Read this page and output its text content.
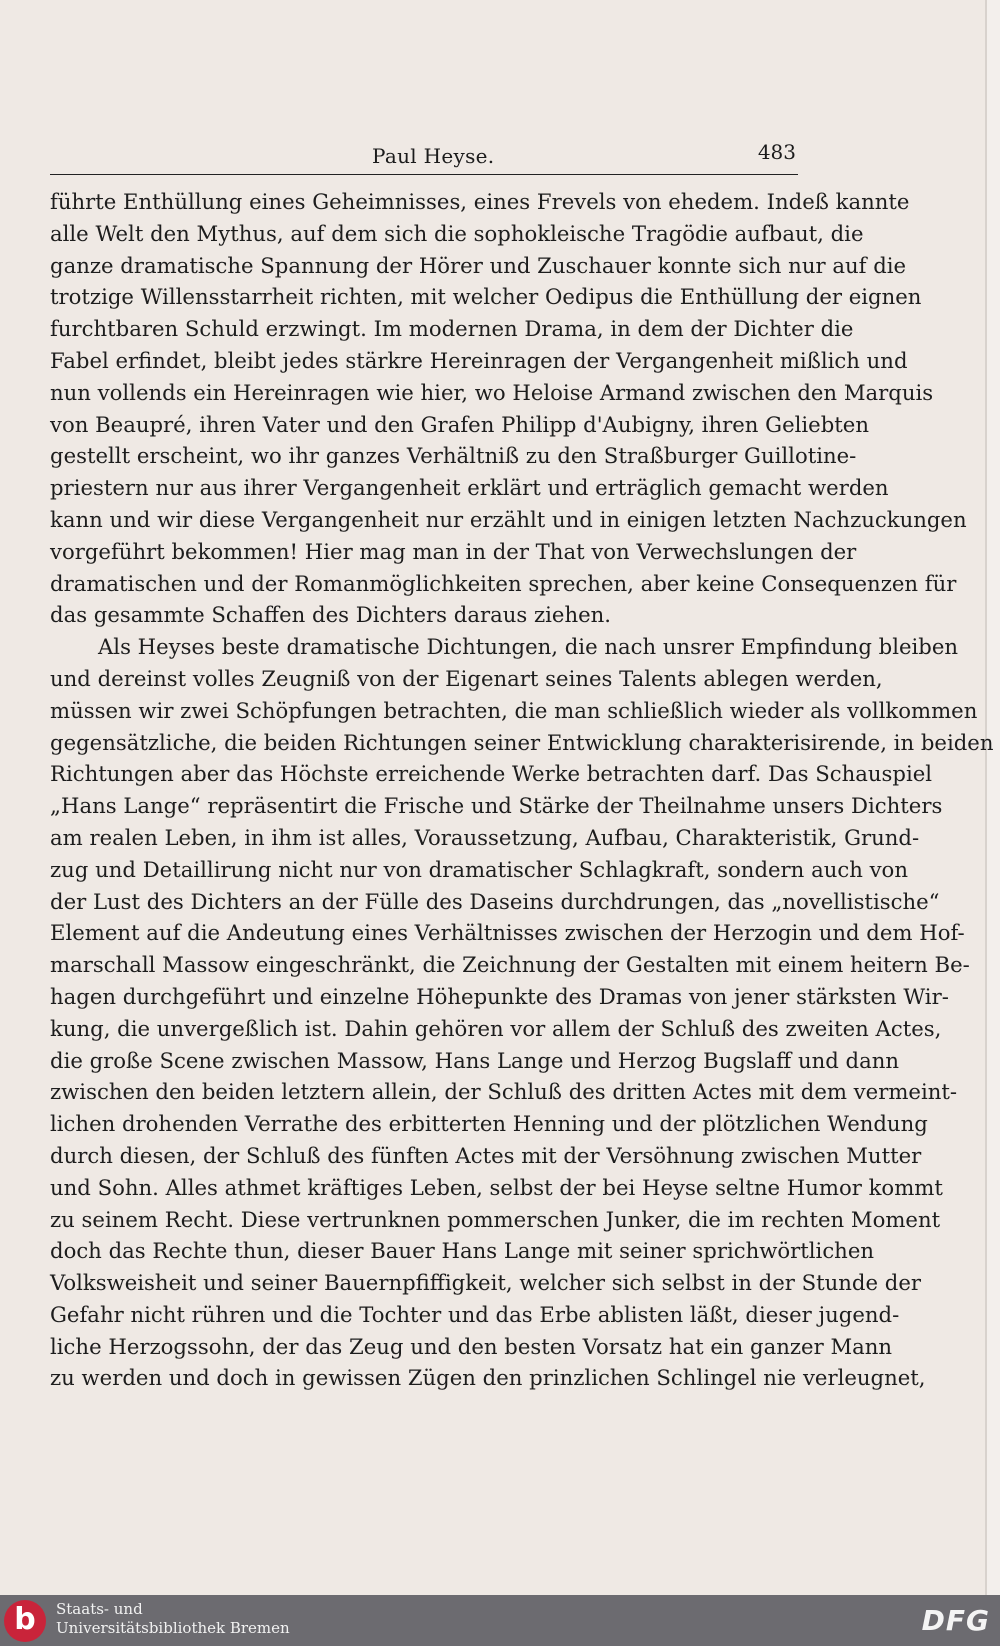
Paul Heyse.	483
führte Enthüllung eines Geheimnisses, eines Frevels von ehedem. Indeß kannte
alle Welt den Mythus, auf dem sich die sophokleische Tragödie aufbaut, die
ganze dramatische Spannung der Hörer und Zuschauer konnte sich nur auf die
trotzige Willensstarrheit richten, mit welcher Oedipus die Enthüllung der eignen
furchtbaren Schuld erzwingt. Im modernen Drama, in dem der Dichter die
Fabel erfindet, bleibt jedes stärkre Hereinragen der Vergangenheit mißlich und
nun vollends ein Hereinragen wie hier, wo Heloise Armand zwischen den Marquis
von Beaupré, ihren Vater und den Grafen Philipp d'Aubigny, ihren Geliebten
gestellt erscheint, wo ihr ganzes Verhältniß zu den Straßburger Guillotine-
priestern nur aus ihrer Vergangenheit erklärt und erträglich gemacht werden
kann und wir diese Vergangenheit nur erzählt und in einigen letzten Nachzuckungen
vorgeführt bekommen! Hier mag man in der That von Verwechslungen der
dramatischen und der Romanmöglichkeiten sprechen, aber keine Consequenzen für
das gesammte Schaffen des Dichters daraus ziehen.
Als Heyses beste dramatische Dichtungen, die nach unsrer Empfindung bleiben
und dereinst volles Zeugniß von der Eigenart seines Talents ablegen werden,
müssen wir zwei Schöpfungen betrachten, die man schließlich wieder als vollkommen
gegensätzliche, die beiden Richtungen seiner Entwicklung charakterisirende, in beiden
Richtungen aber das Höchste erreichende Werke betrachten darf. Das Schauspiel
„Hans Lange“ repräsentirt die Frische und Stärke der Theilnahme unsers Dichters
am realen Leben, in ihm ist alles, Voraussetzung, Aufbau, Charakteristik, Grund-
zug und Detaillirung nicht nur von dramatischer Schlagkraft, sondern auch von
der Lust des Dichters an der Fülle des Daseins durchdrungen, das „novellistische“
Element auf die Andeutung eines Verhältnisses zwischen der Herzogin und dem Hof-
marschall Massow eingeschränkt, die Zeichnung der Gestalten mit einem heitern Be-
hagen durchgeführt und einzelne Höhepunkte des Dramas von jener stärksten Wir-
kung, die unvergeßlich ist. Dahin gehören vor allem der Schluß des zweiten Actes,
die große Scene zwischen Massow, Hans Lange und Herzog Bugslaff und dann
zwischen den beiden letztern allein, der Schluß des dritten Actes mit dem vermeint-
lichen drohenden Verrathe des erbitterten Henning und der plötzlichen Wendung
durch diesen, der Schluß des fünften Actes mit der Versöhnung zwischen Mutter
und Sohn. Alles athmet kräftiges Leben, selbst der bei Heyse seltne Humor kommt
zu seinem Recht. Diese vertrunknen pommerschen Junker, die im rechten Moment
doch das Rechte thun, dieser Bauer Hans Lange mit seiner sprichwörtlichen
Volksweisheit und seiner Bauernpfiffigkeit, welcher sich selbst in der Stunde der
Gefahr nicht rühren und die Tochter und das Erbe ablisten läßt, dieser jugend-
liche Herzogssohn, der das Zeug und den besten Vorsatz hat ein ganzer Mann
zu werden und doch in gewissen Zügen den prinzlichen Schlingel nie verleugnet,
b	Staats- und
Universitätsbibliothek Bremen	DFG
